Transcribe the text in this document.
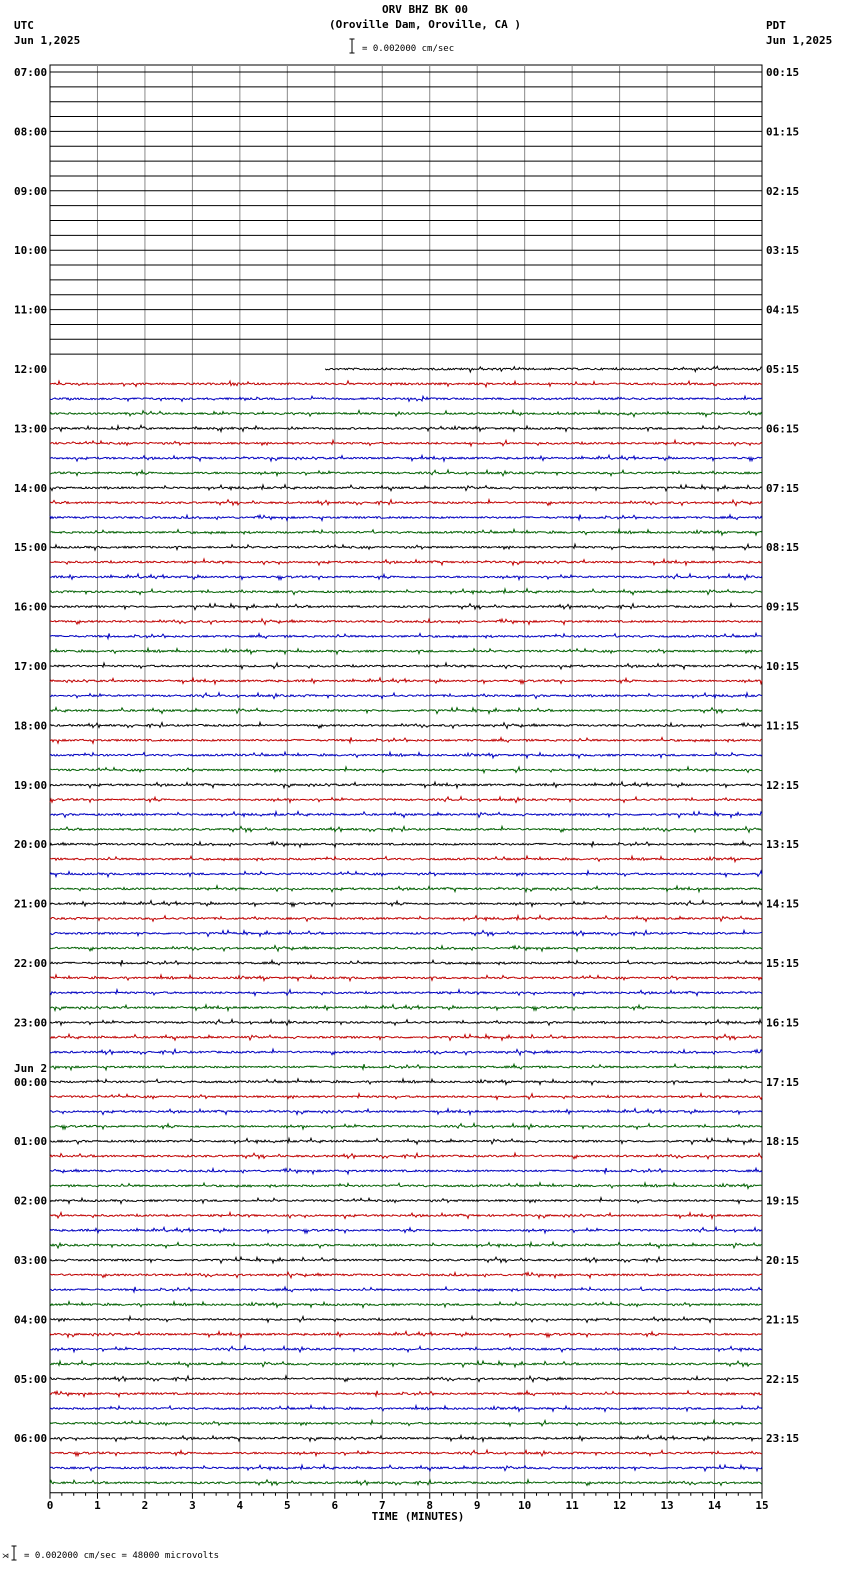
ORV BHZ BK 00
(Oroville Dam, Oroville, CA )
= 0.002000 cm/sec
UTC
Jun 1,2025
PDT
Jun 1,2025
= 0.002000 cm/sec = 48000 microvolts
⋊
07:00
08:00
09:00
10:00
11:00
12:00
13:00
14:00
15:00
16:00
17:00
18:00
19:00
20:00
21:00
22:00
23:00
00:00
01:00
02:00
03:00
04:00
05:00
06:00
00:15
01:15
02:15
03:15
04:15
05:15
06:15
07:15
08:15
09:15
10:15
11:15
12:15
13:15
14:15
15:15
16:15
17:15
18:15
19:15
20:15
21:15
22:15
23:15
Jun 2
0	1	2	3	4	5	6	7	8	9	10	11	12	13	14	15
TIME (MINUTES)
